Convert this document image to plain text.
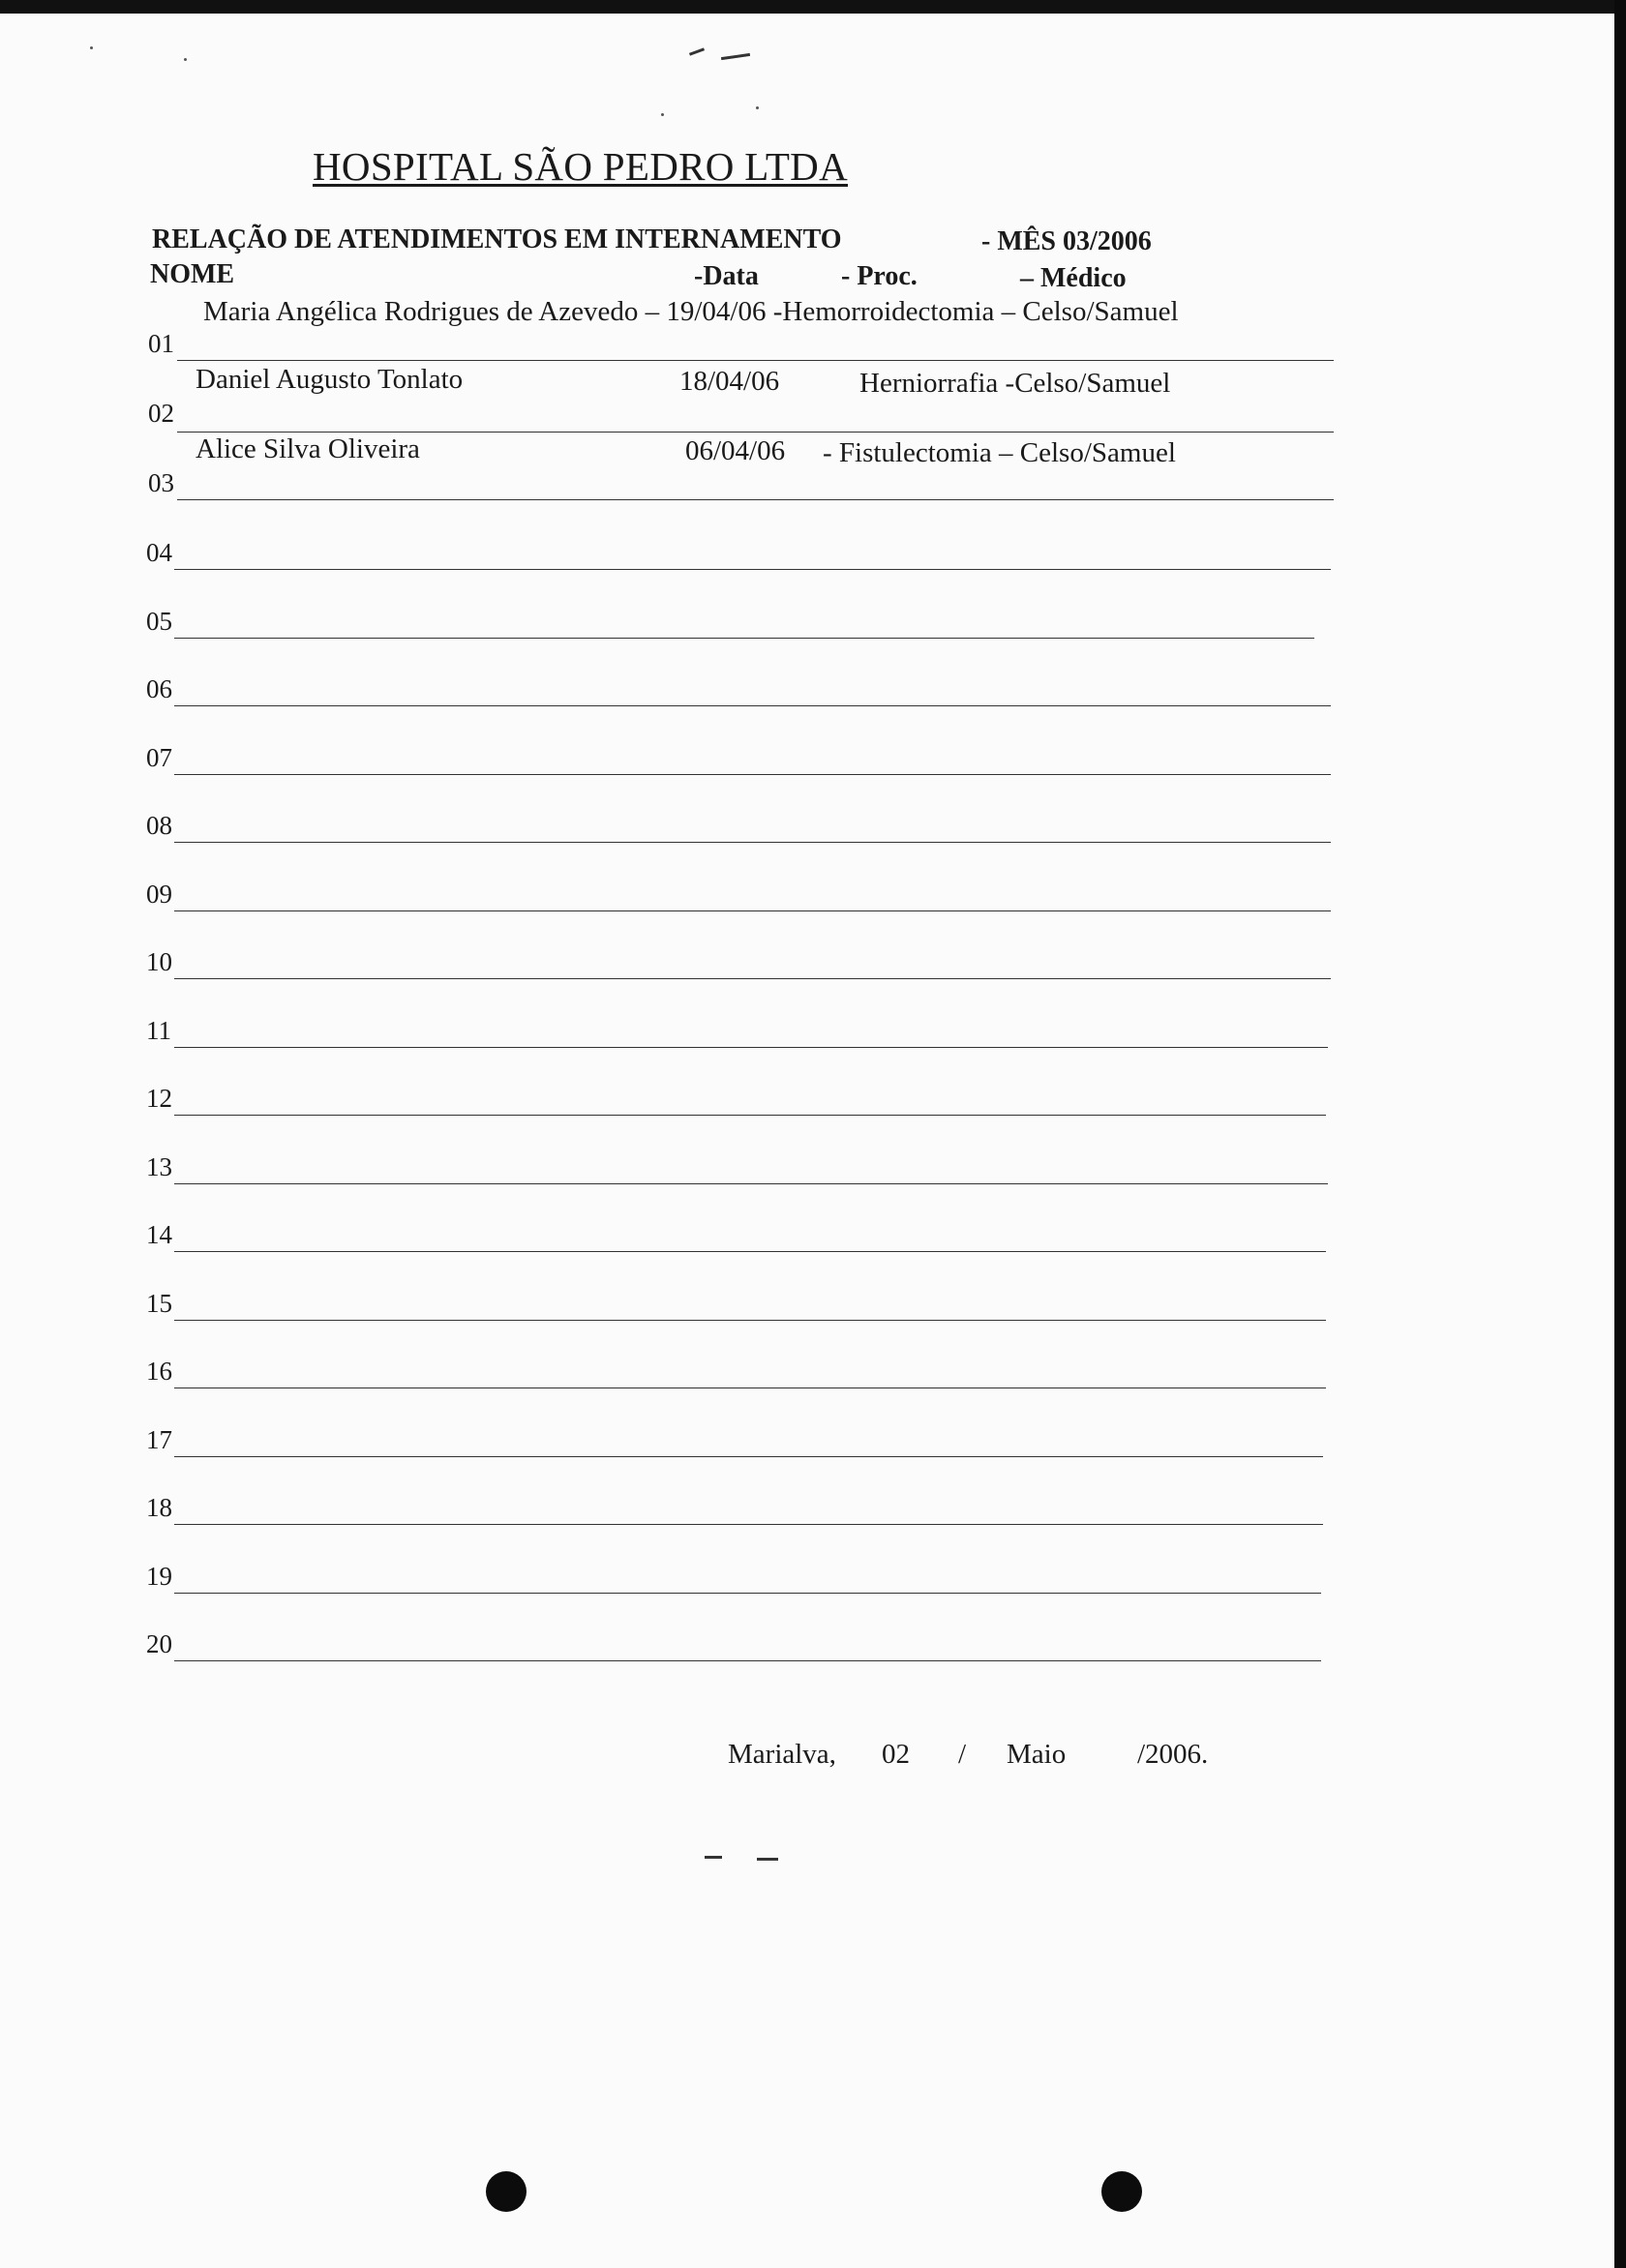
HOSPITAL SÃO PEDRO LTDA
RELAÇÃO DE ATENDIMENTOS EM INTERNAMENTO	- MÊS 03/2006
NOME	-Data	- Proc.	– Médico
Maria Angélica Rodrigues de Azevedo – 19/04/06 -Hemorroidectomia – Celso/Samuel
01
Daniel Augusto Tonlato	18/04/06	Herniorrafia -Celso/Samuel
02
Alice Silva Oliveira	06/04/06 - Fistulectomia – Celso/Samuel
03
04
05
06
07
08
09
10
11
12
13
14
15
16
17
18
19
20
Marialva, 02 / Maio	/2006.
